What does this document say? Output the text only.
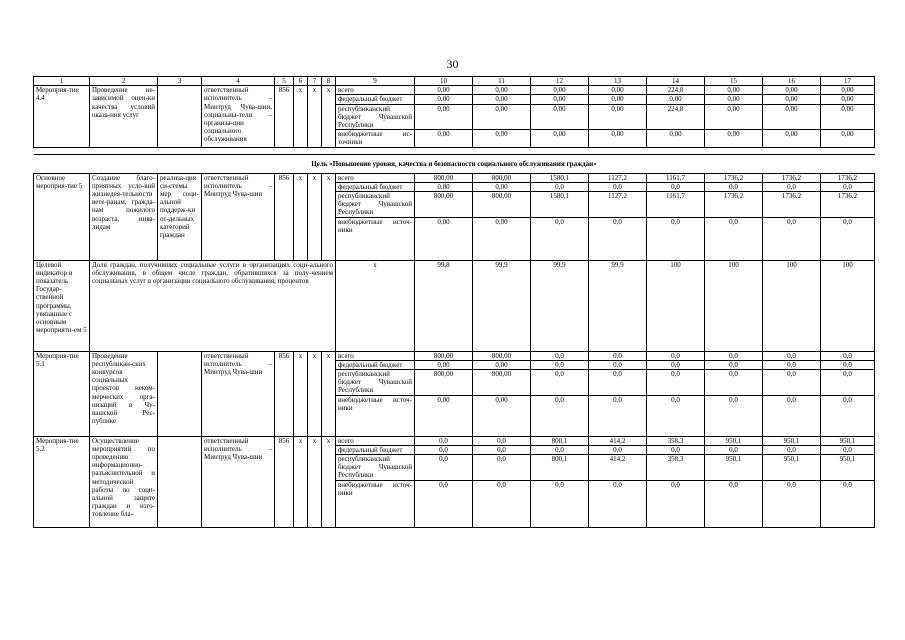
30
1	2	3	4	5	6	7	8	9	10	11	12	13	14	15	16	17
Мероприя-тие 4.4	Проведение не-зависимой оцен-ки качества условий оказа-ния услуг		ответственный исполнитель – Минтруд Чува-шии, социальны-тели – организа-ции социального обслуживания	856	x	x	x	всего	0,00	0,00	0,00	0,00	224,8	0,00	0,00	0,00
								федеральный бюджет	0,00	0,00	0,00	0,00	0,00	0,00	0,00	0,00
								республиканский бюджет Чувашской Республики	0,00	0,00	0,00	0,00	224,8	0,00	0,00	0,00
								внебюджетные ис-точники	0,00	0,00	0,00	0,00	0,00	0,00	0,00	0,00

Цель «Повышение уровня, качества и безопасности социального обслуживания граждан»																
Основное мероприя-тие 5	Создание благо-приятных усло-вий жизнедея-тельности вете-ранам, гражда-нам пожилого возраста, инва-лидам	реализа-ция си-стемы мер соци-альной поддерж-ки от-дельных категорий граждан	ответственный исполнитель – Минтруд Чува-шии	856	x	x	x	всего	800,00	800,00	1580,1	1127,2	1161,7	1736,2	1736,2	1736,2
								федеральный бюджет	0,00	0,00	0,0	0,0	0,0	0,0	0,0	0,0
								республиканский бюджет Чувашской Республики	800,00	800,00	1580,1	1127,2	1161,7	1736,2	1736,2	1736,2
								внебюджетные источ-ники	0,00	0,00	0,0	0,0	0,0	0,0	0,0	0,0
Целевой индикатор и показатель Государ-ственной программы, увязанные с основным мероприяти-ем 5	Доля граждан, получивших социальные услуги в организациях соци-ального обслуживания, в общем числе граждан, обратившихся за полу-чением социальных услуг в организации социального обслуживания, процентов							x	99,8	99,9	99,9	99,9	100	100	100	100
Мероприя-тие 5.1	Проведение республикан-ских конкурсов социальных проектов неком-мерческих орга-низаций в Чу-вашской Рес-публике		ответственный исполнитель – Минтруд Чува-шии	856	x	x	x	всего	800,00	800,00	0,0	0,0	0,0	0,0	0,0	0,0
								федеральный бюджет	0,00	0,00	0,0	0,0	0,0	0,0	0,0	0,0
								республиканский бюджет Чувашской Республики	800,00	800,00	0,0	0,0	0,0	0,0	0,0	0,0
								внебюджетные источ-ники	0,00	0,00	0,0	0,0	0,0	0,0	0,0	0,0
Мероприя-тие 5.2	Осуществление мероприятий по проведению информационно-разъяснительной и методической работы по соци-альной защите граждан и изго-товление бла-		ответственный исполнитель – Минтруд Чува-шии	856	x	x	x	всего	0,0	0,0	800,1	414,2	358,3	950,1	950,1	950,1
								федеральный бюджет	0,0	0,0	0,0	0,0	0,0	0,0	0,0	0,0
								республиканский бюджет Чувашской Республики	0,0	0,0	800,1	414,2	358,3	950,1	950,1	950,1
								внебюджетные источ-ники	0,0	0,0	0,0	0,0	0,0	0,0	0,0	0,0
